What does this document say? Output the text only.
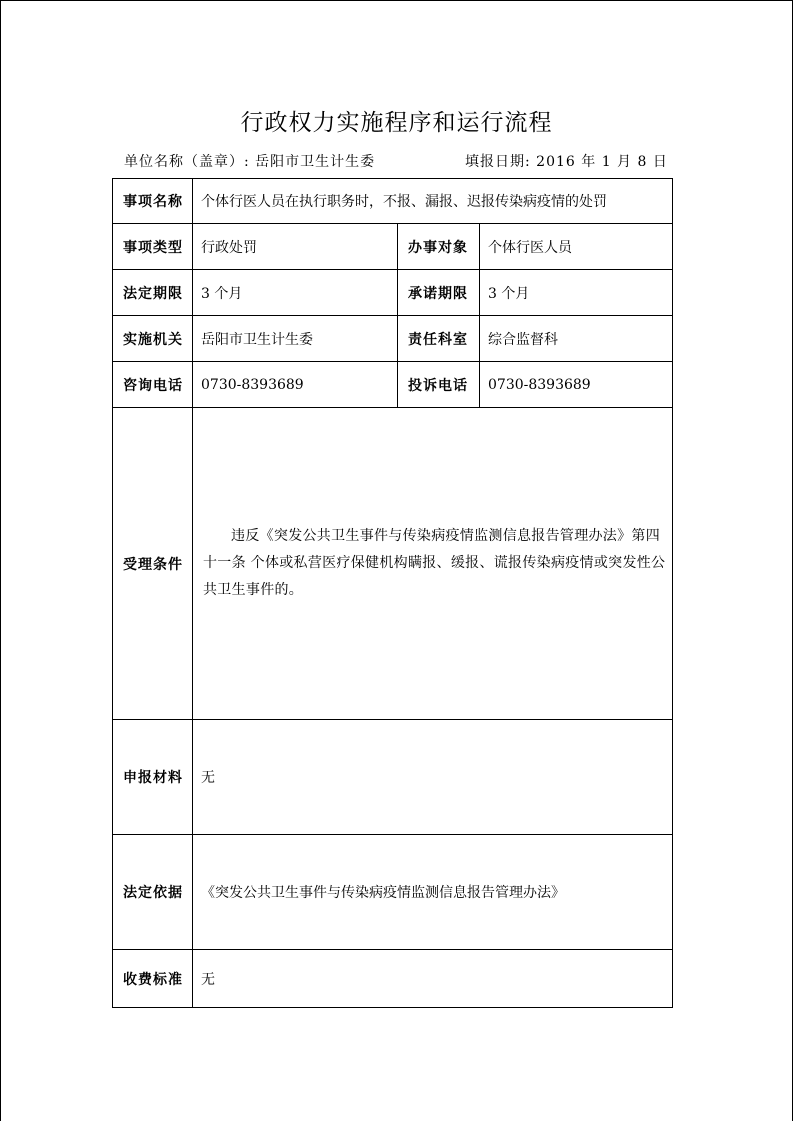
行政权力实施程序和运行流程
单位名称（盖章）: 岳阳市卫生计生委	填报日期: 2016 年 1 月 8 日
事项名称	个体行医人员在执行职务时，不报、漏报、迟报传染病疫情的处罚		
事项类型	行政处罚	办事对象	个体行医人员
法定期限	3 个月	承诺期限	3 个月
实施机关	岳阳市卫生计生委	责任科室	综合监督科
咨询电话	0730-8393689	投诉电话	0730-8393689
受理条件	违反《突发公共卫生事件与传染病疫情监测信息报告管理办法》第四十一条 个体或私营医疗保健机构瞒报、缓报、谎报传染病疫情或突发性公共卫生事件的。		

申报材料	无		
法定依据	《突发公共卫生事件与传染病疫情监测信息报告管理办法》		
收费标准	无		
